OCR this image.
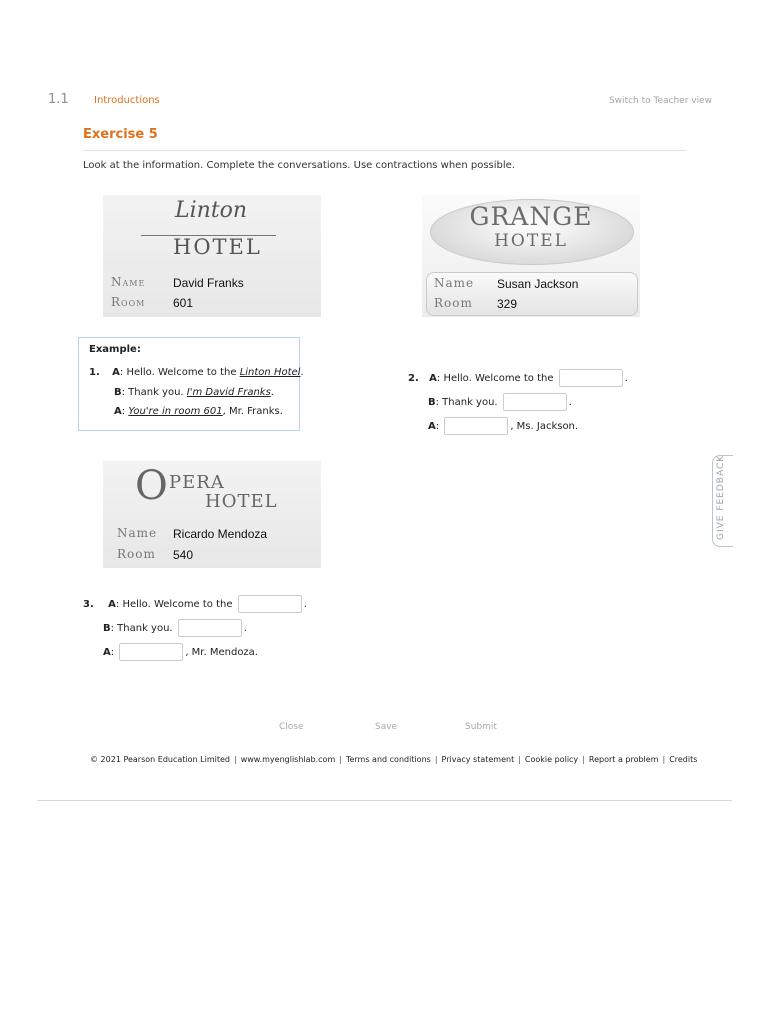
1.1	Introductions	Switch to Teacher view
Exercise 5
Look at the information. Complete the conversations. Use contractions when possible.
Linton
HOTEL
Name David Franks
Room 601
GRANGE
HOTEL
Name Susan Jackson
Room 329
Example:
1. A: Hello. Welcome to the Linton Hotel.
B: Thank you. I'm David Franks.
A: You're in room 601, Mr. Franks.
2. A: Hello. Welcome to the	.
B: Thank you.	.
A:	, Ms. Jackson.
O PERA
HOTEL
Name Ricardo Mendoza
Room 540
3. A: Hello. Welcome to the	.
B: Thank you.	.
A:	, Mr. Mendoza.
GIVE FEEDBACK
Close	Save	Submit
© 2021 Pearson Education Limited | www.myenglishlab.com | Terms and conditions | Privacy statement | Cookie policy | Report a problem | Credits
